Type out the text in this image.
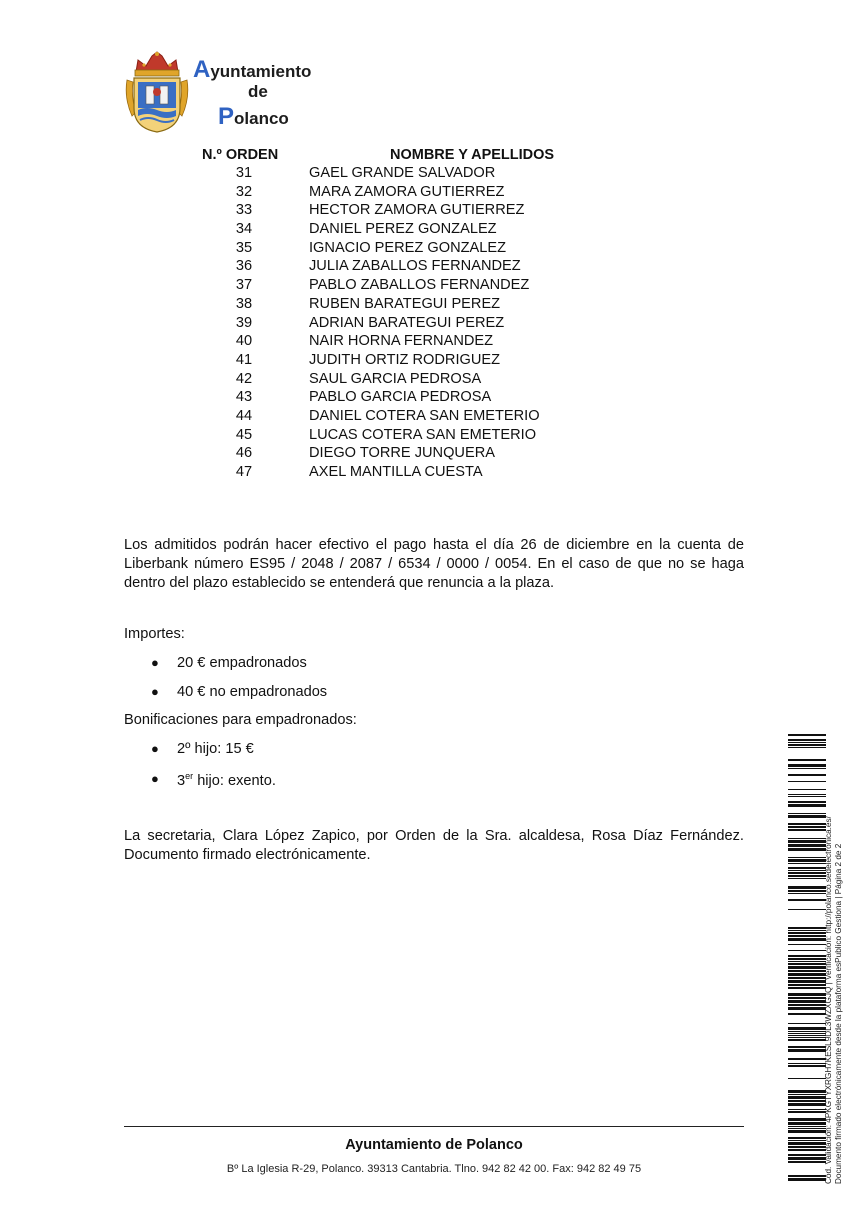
Ayuntamiento
de
Polanco
N.º ORDEN	NOMBRE Y APELLIDOS
31	GAEL GRANDE SALVADOR
32	MARA ZAMORA GUTIERREZ
33	HECTOR ZAMORA GUTIERREZ
34	DANIEL PEREZ GONZALEZ
35	IGNACIO PEREZ GONZALEZ
36	JULIA ZABALLOS FERNANDEZ
37	PABLO ZABALLOS FERNANDEZ
38	RUBEN BARATEGUI PEREZ
39	ADRIAN BARATEGUI PEREZ
40	NAIR HORNA FERNANDEZ
41	JUDITH ORTIZ RODRIGUEZ
42	SAUL GARCIA PEDROSA
43	PABLO GARCIA PEDROSA
44	DANIEL COTERA SAN EMETERIO
45	LUCAS COTERA SAN EMETERIO
46	DIEGO TORRE JUNQUERA
47	AXEL MANTILLA CUESTA
Los admitidos podrán hacer efectivo el pago hasta el día 26 de diciembre en la cuenta de Liberbank número ES95 / 2048 / 2087 / 6534 / 0000 / 0054. En el caso de que no se haga dentro del plazo establecido se entenderá que renuncia a la plaza.
Importes:
● 20 € empadronados
● 40 € no empadronados
Bonificaciones para empadronados:
● 2º hijo: 15 €
● 3er hijo: exento.
La secretaria, Clara López Zapico, por Orden de la Sra. alcaldesa, Rosa Díaz Fernández. Documento firmado electrónicamente.
Ayuntamiento de Polanco
Bº La Iglesia R-29, Polanco. 39313 Cantabria. Tlno. 942 82 42 00. Fax: 942 82 49 75	Cód. Validación: 4PKGTYXRGH7KESL9DL3WZXGJQ | Verificación: http://polanco.sedelectronica.es/ Documento firmado electrónicamente desde la plataforma esPublico Gestiona | Página 2 de 2
